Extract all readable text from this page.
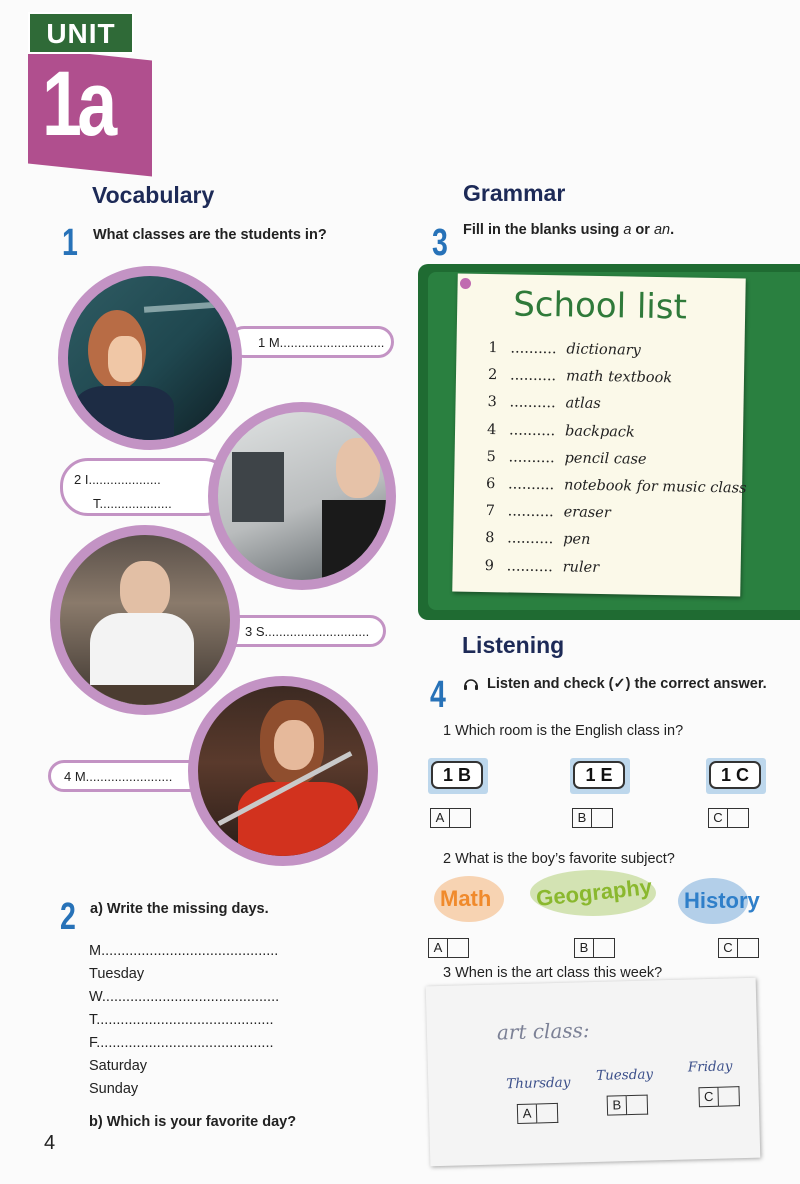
UNIT
1a
Vocabulary
1 What classes are the students in?
1 M.............................
2 I....................
T....................
3 S.............................
4 M........................
2 a) Write the missing days.
M............................................
Tuesday
W............................................
T............................................
F............................................
Saturday
Sunday
b) Which is your favorite day?
4
Grammar
3 Fill in the blanks using a or an.
School list
1 .......... dictionary
2 .......... math textbook
3 .......... atlas
4 .......... backpack
5 .......... pencil case
6 .......... notebook for music class
7 .......... eraser
8 .......... pen
9 .......... ruler
Listening
4	Listen and check (✓) the correct answer.
1 Which room is the English class in?
1 B
A
1 E
B
1 C
C
2 What is the boy’s favorite subject?
Math Geography History
A	B	C
3 When is the art class this week?
art class:
Thursday
A
Tuesday
B
Friday
C
